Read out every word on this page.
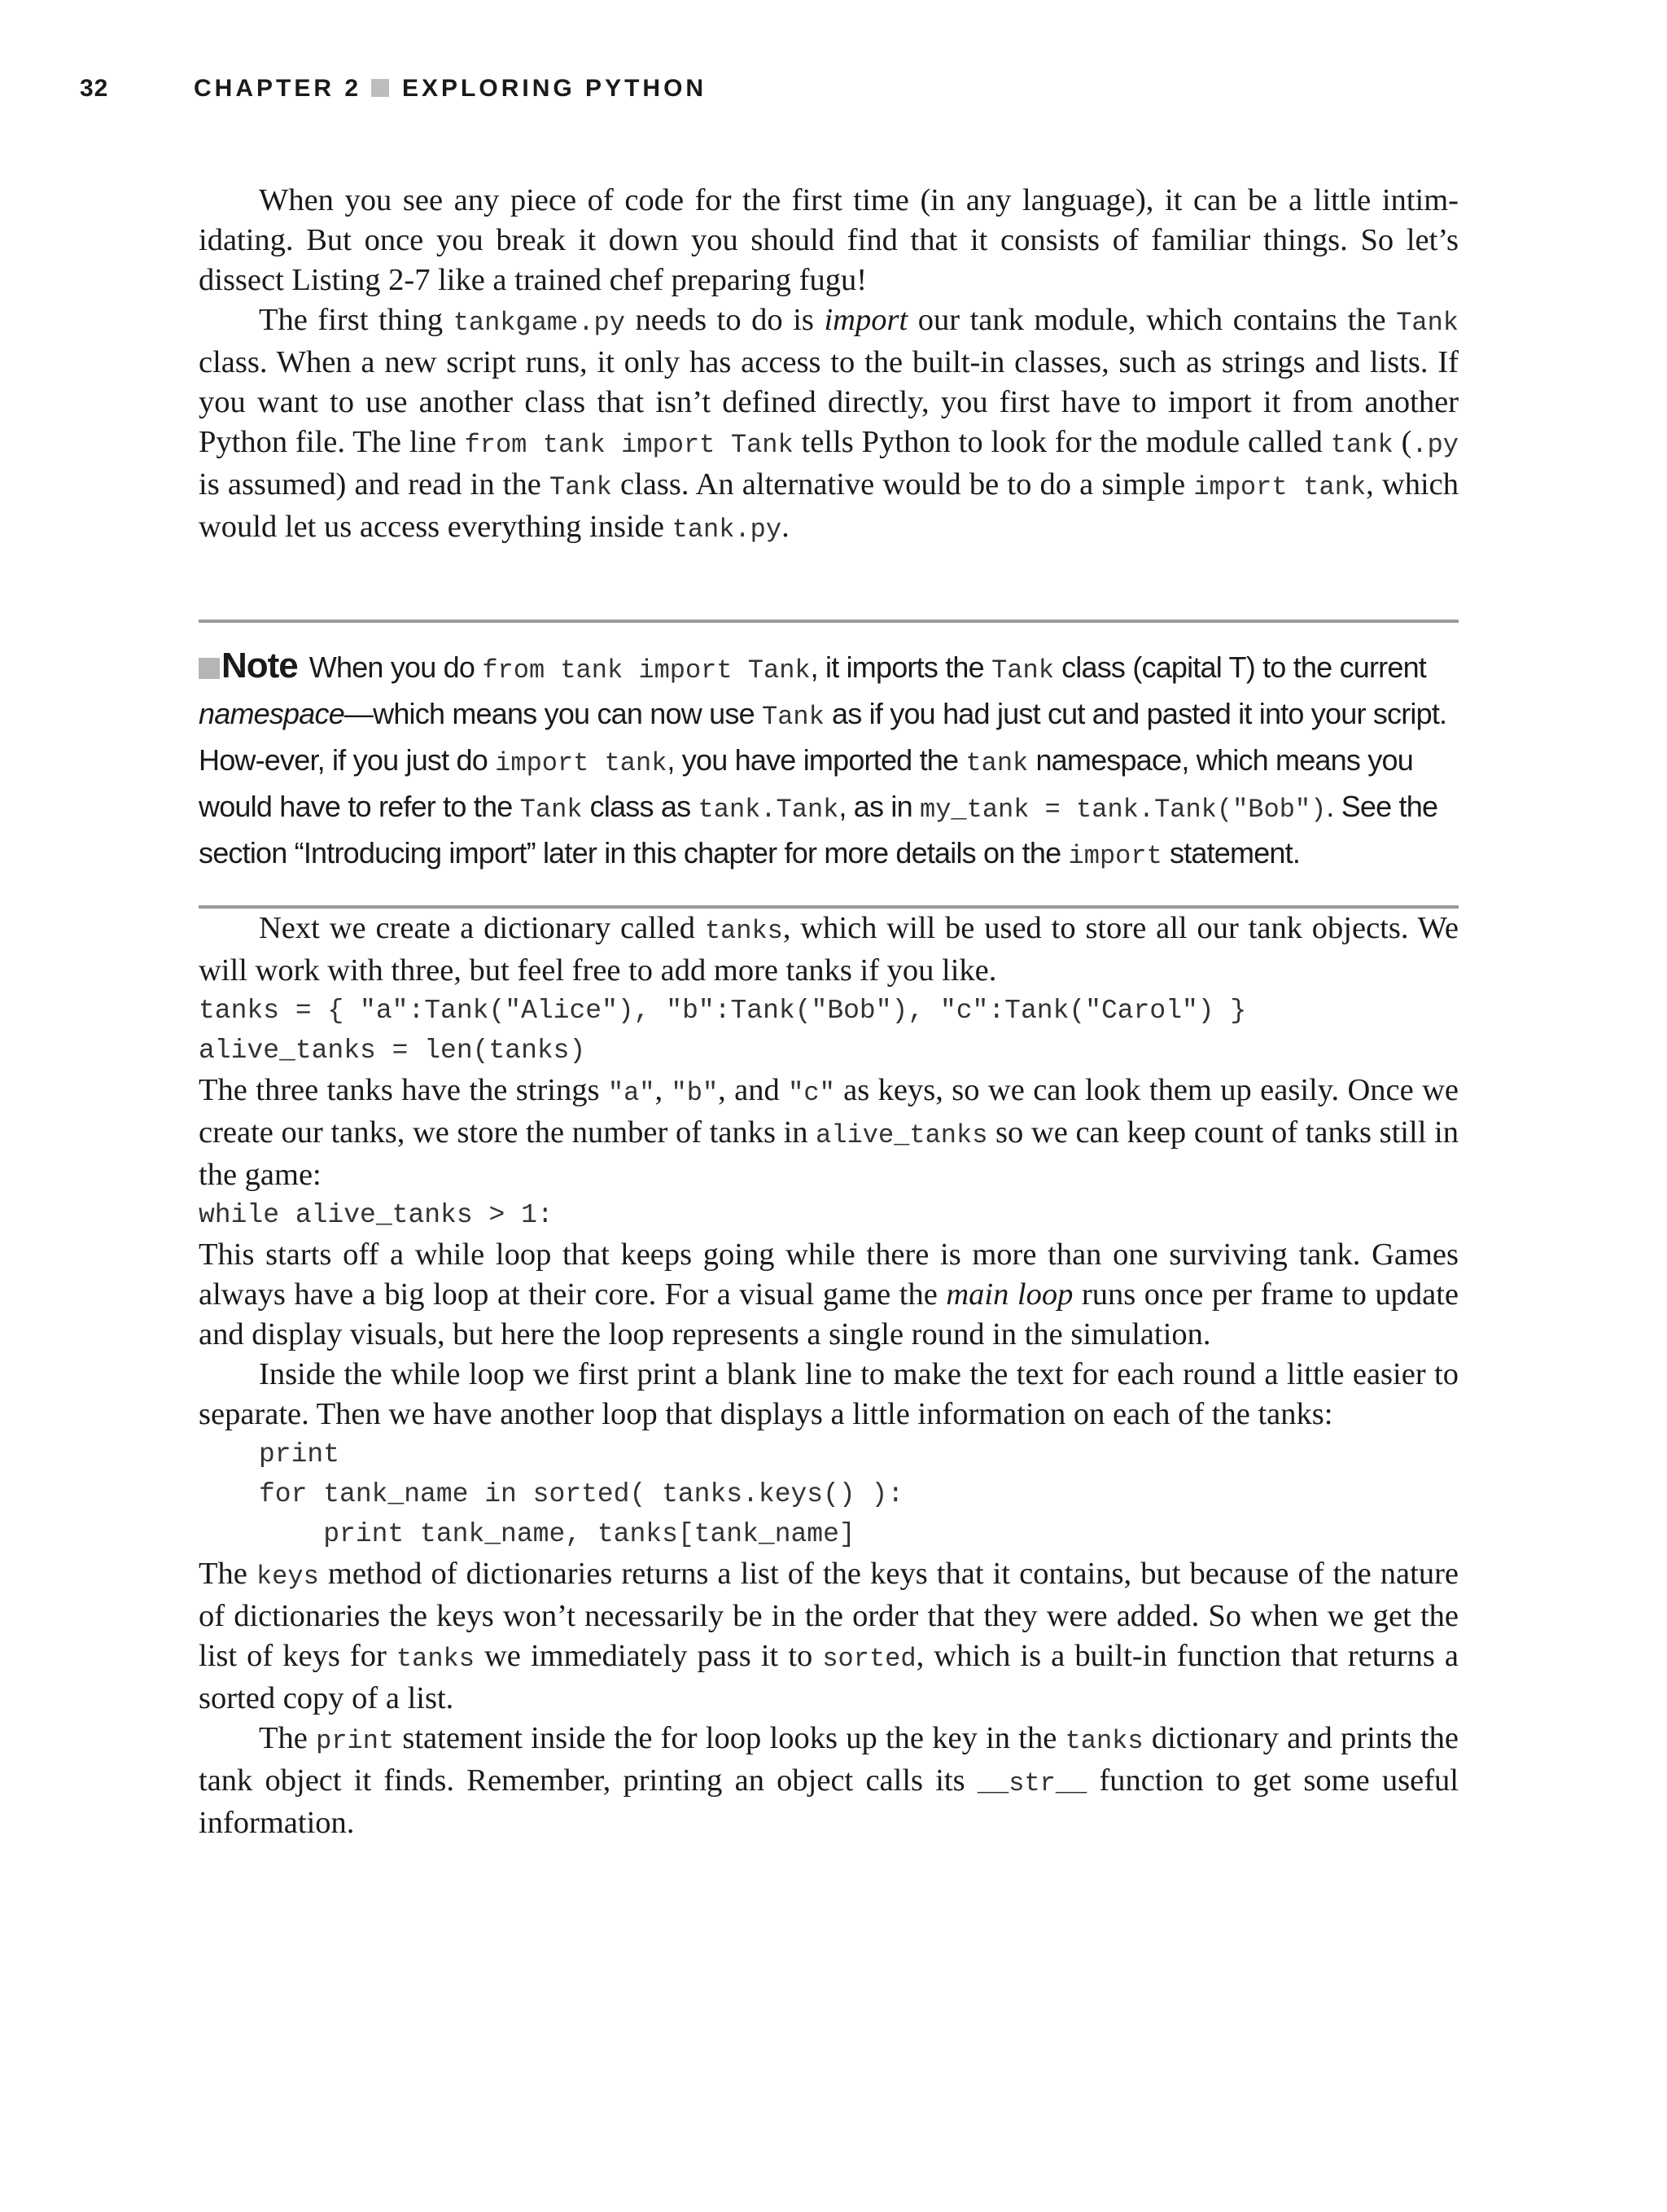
32	CHAPTER 2 EXPLORING PYTHON

When you see any piece of code for the first time (in any language), it can be a little intim-idating. But once you break it down you should find that it consists of familiar things. So let’s dissect Listing 2-7 like a trained chef preparing fugu!

The first thing tankgame.py needs to do is import our tank module, which contains the Tank class. When a new script runs, it only has access to the built-in classes, such as strings and lists. If you want to use another class that isn’t defined directly, you first have to import it from another Python file. The line from tank import Tank tells Python to look for the module called tank (.py is assumed) and read in the Tank class. An alternative would be to do a simple import tank, which would let us access everything inside tank.py.

Note When you do from tank import Tank, it imports the Tank class (capital T) to the current namespace—which means you can now use Tank as if you had just cut and pasted it into your script. How-ever, if you just do import tank, you have imported the tank namespace, which means you would have to refer to the Tank class as tank.Tank, as in my_tank = tank.Tank("Bob"). See the section “Introducing import” later in this chapter for more details on the import statement.

Next we create a dictionary called tanks, which will be used to store all our tank objects. We will work with three, but feel free to add more tanks if you like.

tanks = { "a":Tank("Alice"), "b":Tank("Bob"), "c":Tank("Carol") }
alive_tanks = len(tanks)

The three tanks have the strings "a", "b", and "c" as keys, so we can look them up easily. Once we create our tanks, we store the number of tanks in alive_tanks so we can keep count of tanks still in the game:

while alive_tanks > 1:

This starts off a while loop that keeps going while there is more than one surviving tank. Games always have a big loop at their core. For a visual game the main loop runs once per frame to update and display visuals, but here the loop represents a single round in the simulation.

Inside the while loop we first print a blank line to make the text for each round a little easier to separate. Then we have another loop that displays a little information on each of the tanks:

print
for tank_name in sorted( tanks.keys() ):
print tank_name, tanks[tank_name]

The keys method of dictionaries returns a list of the keys that it contains, but because of the nature of dictionaries the keys won’t necessarily be in the order that they were added. So when we get the list of keys for tanks we immediately pass it to sorted, which is a built-in function that returns a sorted copy of a list.

The print statement inside the for loop looks up the key in the tanks dictionary and prints the tank object it finds. Remember, printing an object calls its __str__ function to get some useful information.
